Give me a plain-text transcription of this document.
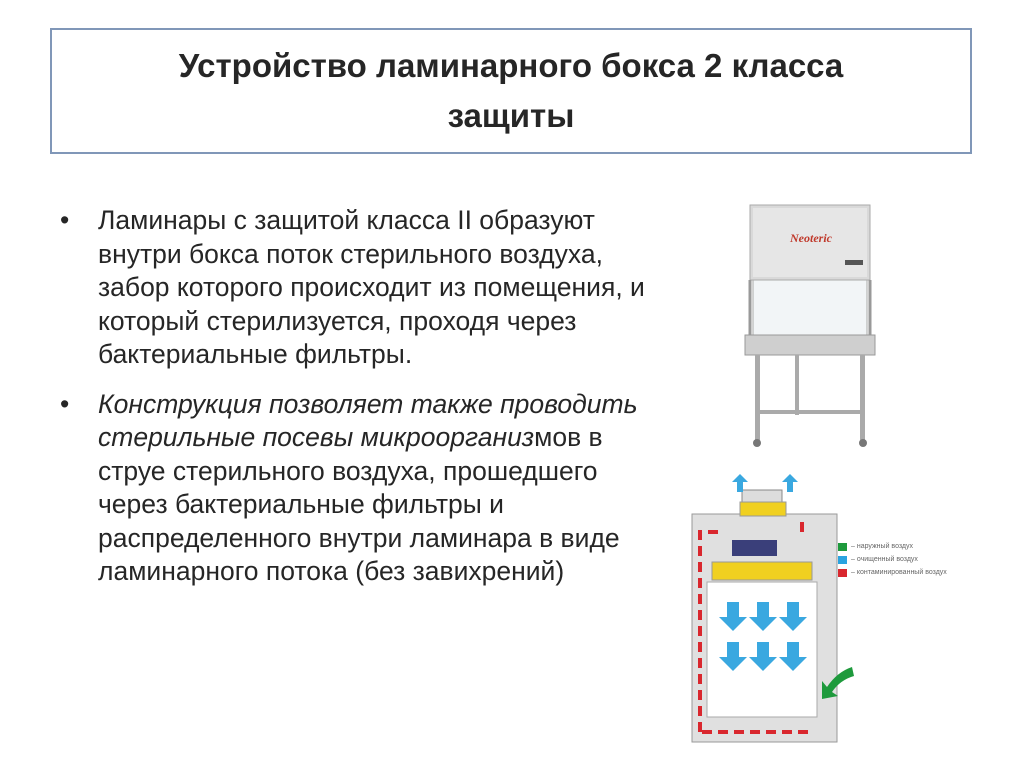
Устройство ламинарного бокса 2 класса защиты
• Ламинары с защитой класса II образуют внутри бокса поток стерильного воздуха, забор которого происходит из помещения, и который стерилизуется, проходя через бактериальные фильтры.
• Конструкция позволяет также проводить стерильные посевы микроорганизмов в струе стерильного воздуха, прошедшего через бактериальные фильтры и распределенного внутри ламинара в виде ламинарного потока (без завихрений)
Neoteric
– наружный воздух
– очищенный воздух
– контаминированный воздух
